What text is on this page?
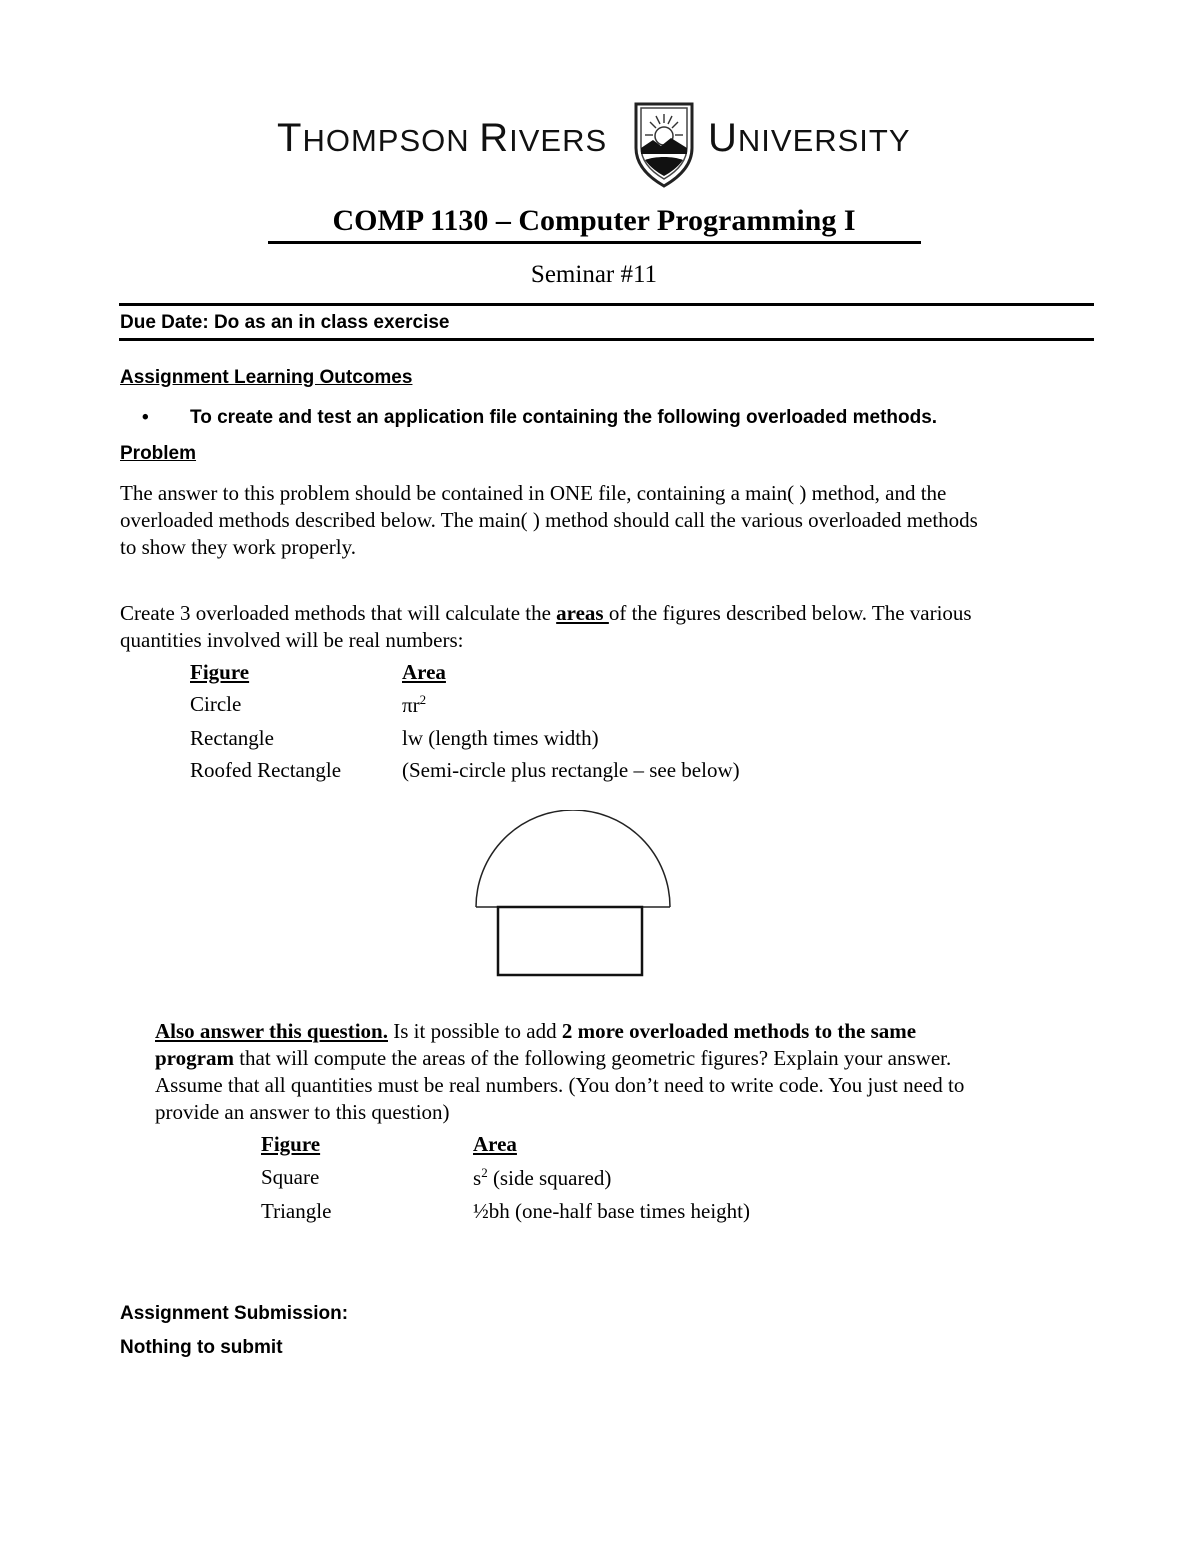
THOMPSON RIVERS	UNIVERSITY
COMP 1130 – Computer Programming I
Seminar #11
Due Date: Do as an in class exercise
Assignment Learning Outcomes
• To create and test an application file containing the following overloaded methods.
Problem
The answer to this problem should be contained in ONE file, containing a main( ) method, and the
overloaded methods described below. The main( ) method should call the various overloaded methods
to show they work properly.
Create 3 overloaded methods that will calculate the areas of the figures described below. The various
quantities involved will be real numbers:
Figure	Area
Circle	$\pi r^2$
Rectangle	lw (length times width)
Roofed Rectangle	(Semi-circle plus rectangle – see below)
Also answer this question. Is it possible to add 2 more overloaded methods to the same
program that will compute the areas of the following geometric figures? Explain your answer.
Assume that all quantities must be real numbers. (You don’t need to write code. You just need to
provide an answer to this question)
Figure	Area
Square	$s^2$ (side squared)
Triangle	½bh (one-half base times height)
Assignment Submission:
Nothing to submit
